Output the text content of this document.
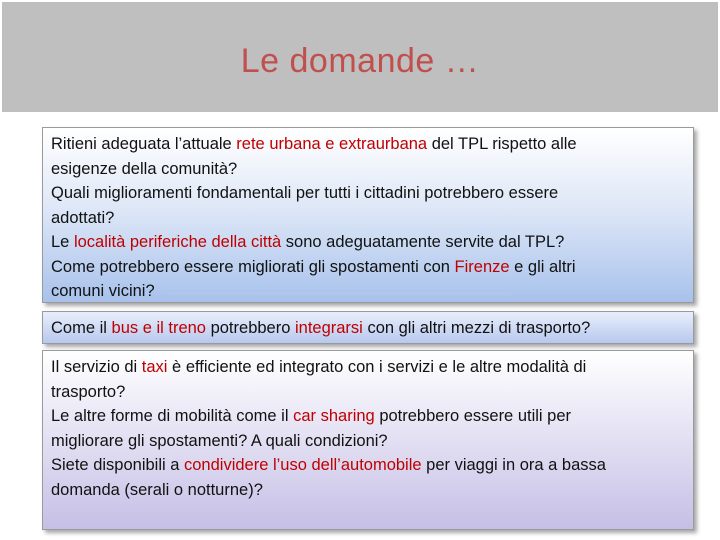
Le domande …
Ritieni adeguata l’attuale rete urbana e extraurbana del TPL rispetto alle
esigenze della comunità?
Quali miglioramenti fondamentali per tutti i cittadini potrebbero essere
adottati?
Le località periferiche della città sono adeguatamente servite dal TPL?
Come potrebbero essere migliorati gli spostamenti con Firenze e gli altri
comuni vicini?
Come il bus e il treno potrebbero integrarsi con gli altri mezzi di trasporto?
Il servizio di taxi è efficiente ed integrato con i servizi e le altre modalità di
trasporto?
Le altre forme di mobilità come il car sharing potrebbero essere utili per
migliorare gli spostamenti? A quali condizioni?
Siete disponibili a condividere l’uso dell’automobile per viaggi in ora a bassa
domanda (serali o notturne)?
